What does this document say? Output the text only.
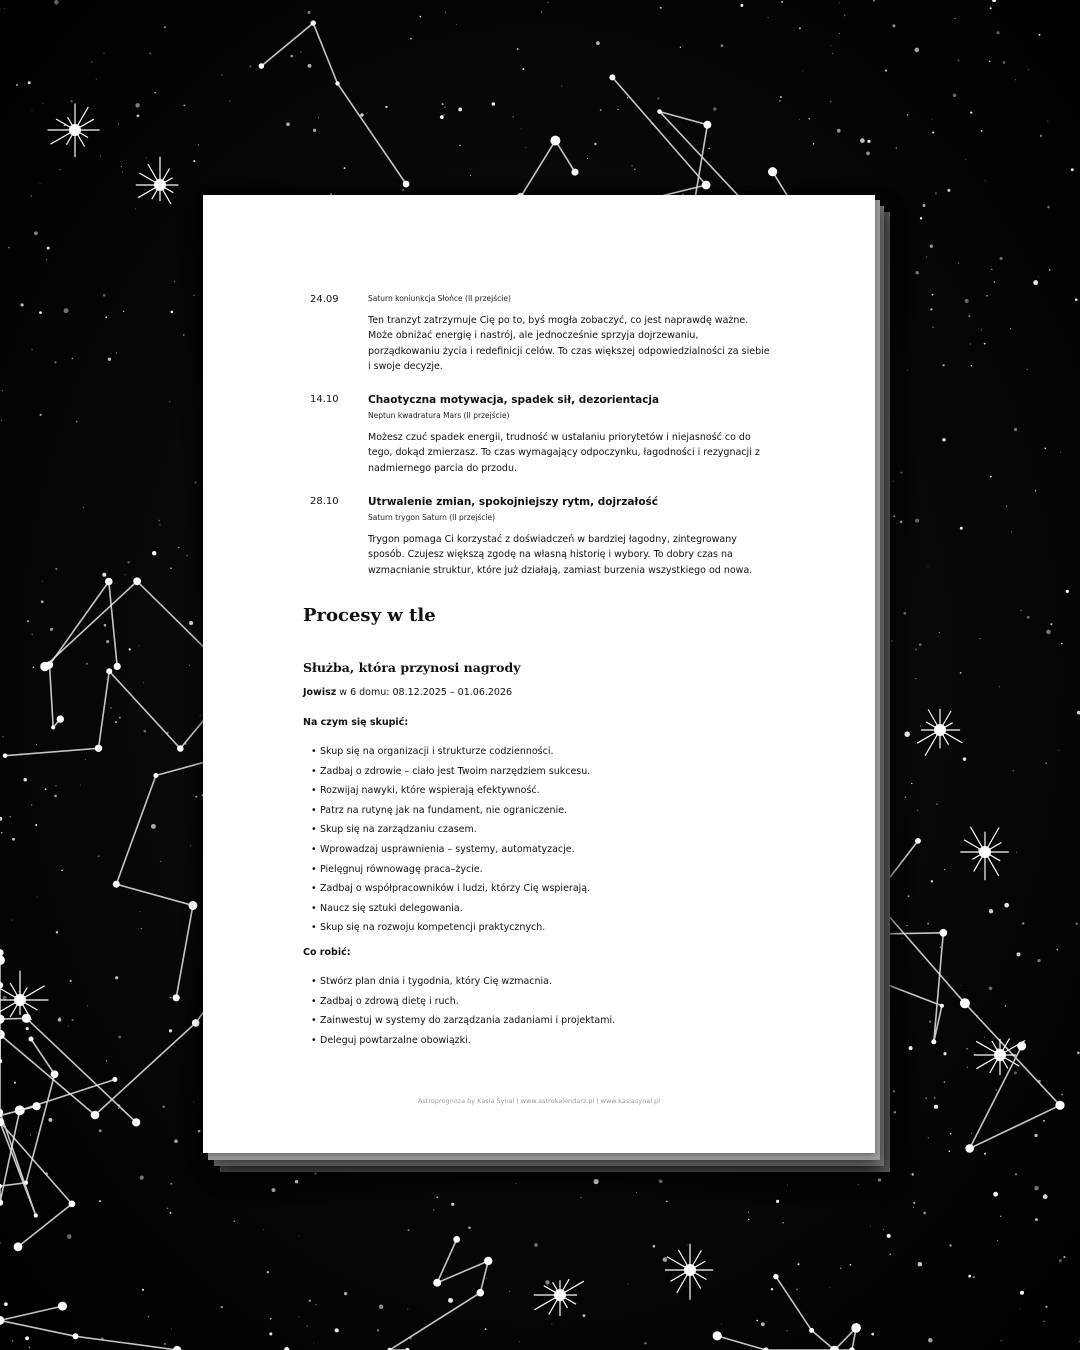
24.09	Saturn koniunkcja Słońce (II przejście)

Ten tranzyt zatrzymuje Cię po to, byś mogła zobaczyć, co jest naprawdę ważne. Może obniżać energię i nastrój, ale jednocześnie sprzyja dojrzewaniu, porządkowaniu życia i redefinicji celów. To czas większej odpowiedzialności za siebie i swoje decyzje.

14.10	Chaotyczna motywacja, spadek sił, dezorientacja

Neptun kwadratura Mars (II przejście)

Możesz czuć spadek energii, trudność w ustalaniu priorytetów i niejasność co do tego, dokąd zmierzasz. To czas wymagający odpoczynku, łagodności i rezygnacji z nadmiernego parcia do przodu.

28.10	Utrwalenie zmian, spokojniejszy rytm, dojrzałość

Saturn trygon Saturn (II przejście)

Trygon pomaga Ci korzystać z doświadczeń w bardziej łagodny, zintegrowany sposób. Czujesz większą zgodę na własną historię i wybory. To dobry czas na wzmacnianie struktur, które już działają, zamiast burzenia wszystkiego od nowa.

Procesy w tle
Służba, która przynosi nagrody

Jowisz w 6 domu: 08.12.2025 – 01.06.2026

Na czym się skupić:

• Skup się na organizacji i strukturze codzienności.
• Zadbaj o zdrowie – ciało jest Twoim narzędziem sukcesu.
• Rozwijaj nawyki, które wspierają efektywność.
• Patrz na rutynę jak na fundament, nie ograniczenie.
• Skup się na zarządzaniu czasem.
• Wprowadzaj usprawnienia – systemy, automatyzacje.
• Pielęgnuj równowagę praca–życie.
• Zadbaj o współpracowników i ludzi, którzy Cię wspierają.
• Naucz się sztuki delegowania.
• Skup się na rozwoju kompetencji praktycznych.

Co robić:

• Stwórz plan dnia i tygodnia, który Cię wzmacnia.
• Zadbaj o zdrową dietę i ruch.
• Zainwestuj w systemy do zarządzania zadaniami i projektami.
• Deleguj powtarzalne obowiązki.
Astroprognoza by Kasia Synal | www.astrokalendarz.pl | www.kasiasynal.pl
